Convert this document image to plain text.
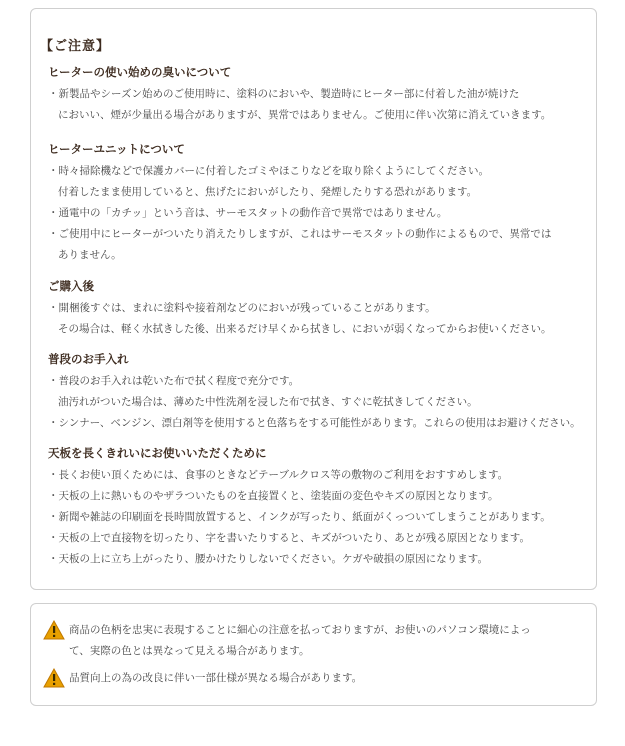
【ご注意】

ヒーターの使い始めの臭いについて

・新製品やシーズン始めのご使用時に、塗料のにおいや、製造時にヒーター部に付着した油が焼けた

においい、煙が少量出る場合がありますが、異常ではありません。ご使用に伴い次第に消えていきます。

ヒーターユニットについて

・時々掃除機などで保護カバーに付着したゴミやほこりなどを取り除くようにしてください。

付着したまま使用していると、焦げたにおいがしたり、発煙したりする恐れがあります。

・通電中の「カチッ」という音は、サーモスタットの動作音で異常ではありません。

・ご使用中にヒーターがついたり消えたりしますが、これはサーモスタットの動作によるもので、異常では

ありません。

ご購入後

・開梱後すぐは、まれに塗料や接着剤などのにおいが残っていることがあります。

その場合は、軽く水拭きした後、出来るだけ早くから拭きし、においが弱くなってからお使いください。

普段のお手入れ

・普段のお手入れは乾いた布で拭く程度で充分です。

油汚れがついた場合は、薄めた中性洗剤を浸した布で拭き、すぐに乾拭きしてください。

・シンナー、ベンジン、漂白剤等を使用すると色落ちをする可能性があります。これらの使用はお避けください。

天板を長くきれいにお使いいただくために

・長くお使い頂くためには、食事のときなどテーブルクロス等の敷物のご利用をおすすめします。

・天板の上に熱いものやザラついたものを直接置くと、塗装面の変色やキズの原因となります。

・新聞や雑誌の印刷面を長時間放置すると、インクが写ったり、紙面がくっついてしまうことがあります。

・天板の上で直接物を切ったり、字を書いたりすると、キズがついたり、あとが残る原因となります。

・天板の上に立ち上がったり、腰かけたりしないでください。ケガや破損の原因になります。

商品の色柄を忠実に表現することに細心の注意を払っておりますが、お使いのパソコン環境によっ
て、実際の色とは異なって見える場合があります。
品質向上の為の改良に伴い一部仕様が異なる場合があります。
